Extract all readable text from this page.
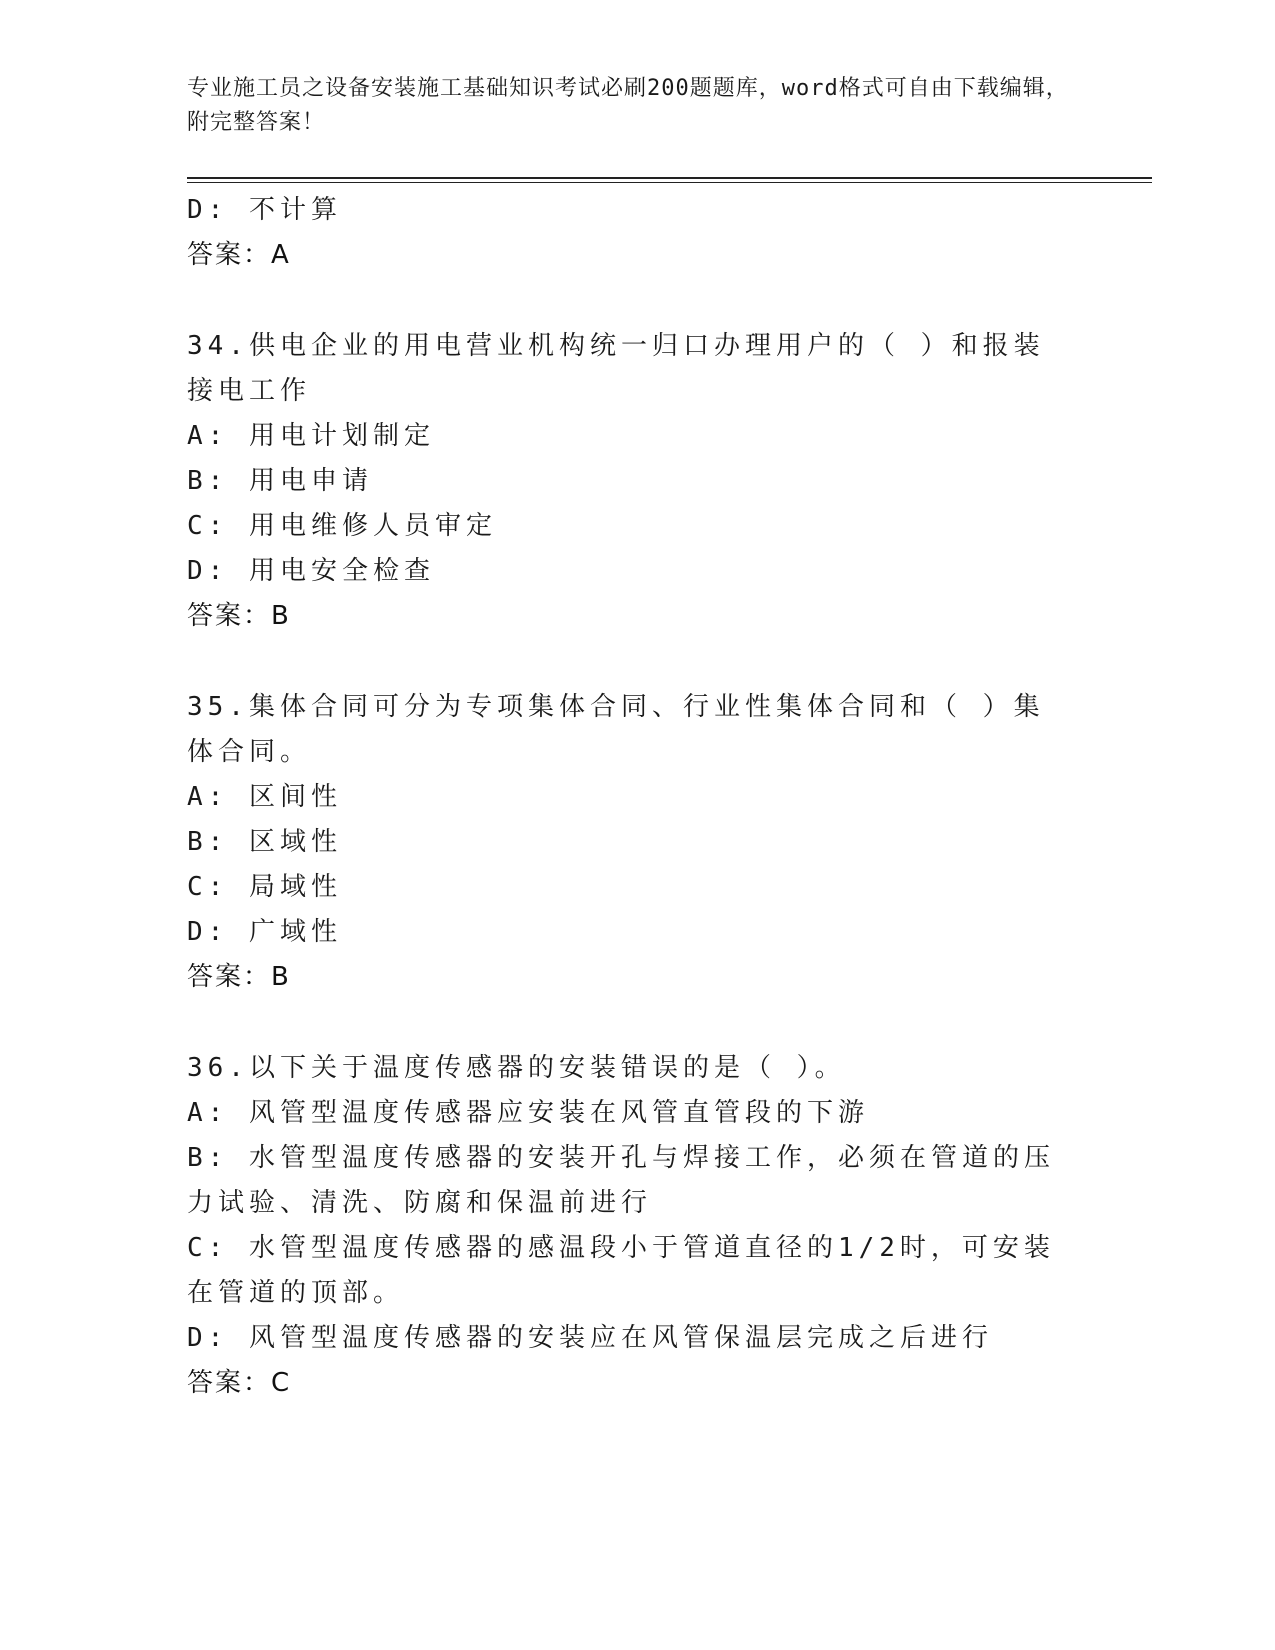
专业施工员之设备安装施工基础知识考试必刷200题题库，word格式可自由下载编辑，附完整答案！
D: 不计算
答案：A
34.供电企业的用电营业机构统一归口办理用户的（ ）和报装接电工作
A: 用电计划制定
B: 用电申请
C: 用电维修人员审定
D: 用电安全检查
答案：B
35.集体合同可分为专项集体合同、行业性集体合同和（ ）集体合同。
A: 区间性
B: 区域性
C: 局域性
D: 广域性
答案：B
36.以下关于温度传感器的安装错误的是（ ）。
A: 风管型温度传感器应安装在风管直管段的下游
B: 水管型温度传感器的安装开孔与焊接工作，必须在管道的压力试验、清洗、防腐和保温前进行
C: 水管型温度传感器的感温段小于管道直径的1/2时，可安装在管道的顶部。
D: 风管型温度传感器的安装应在风管保温层完成之后进行
答案：C
